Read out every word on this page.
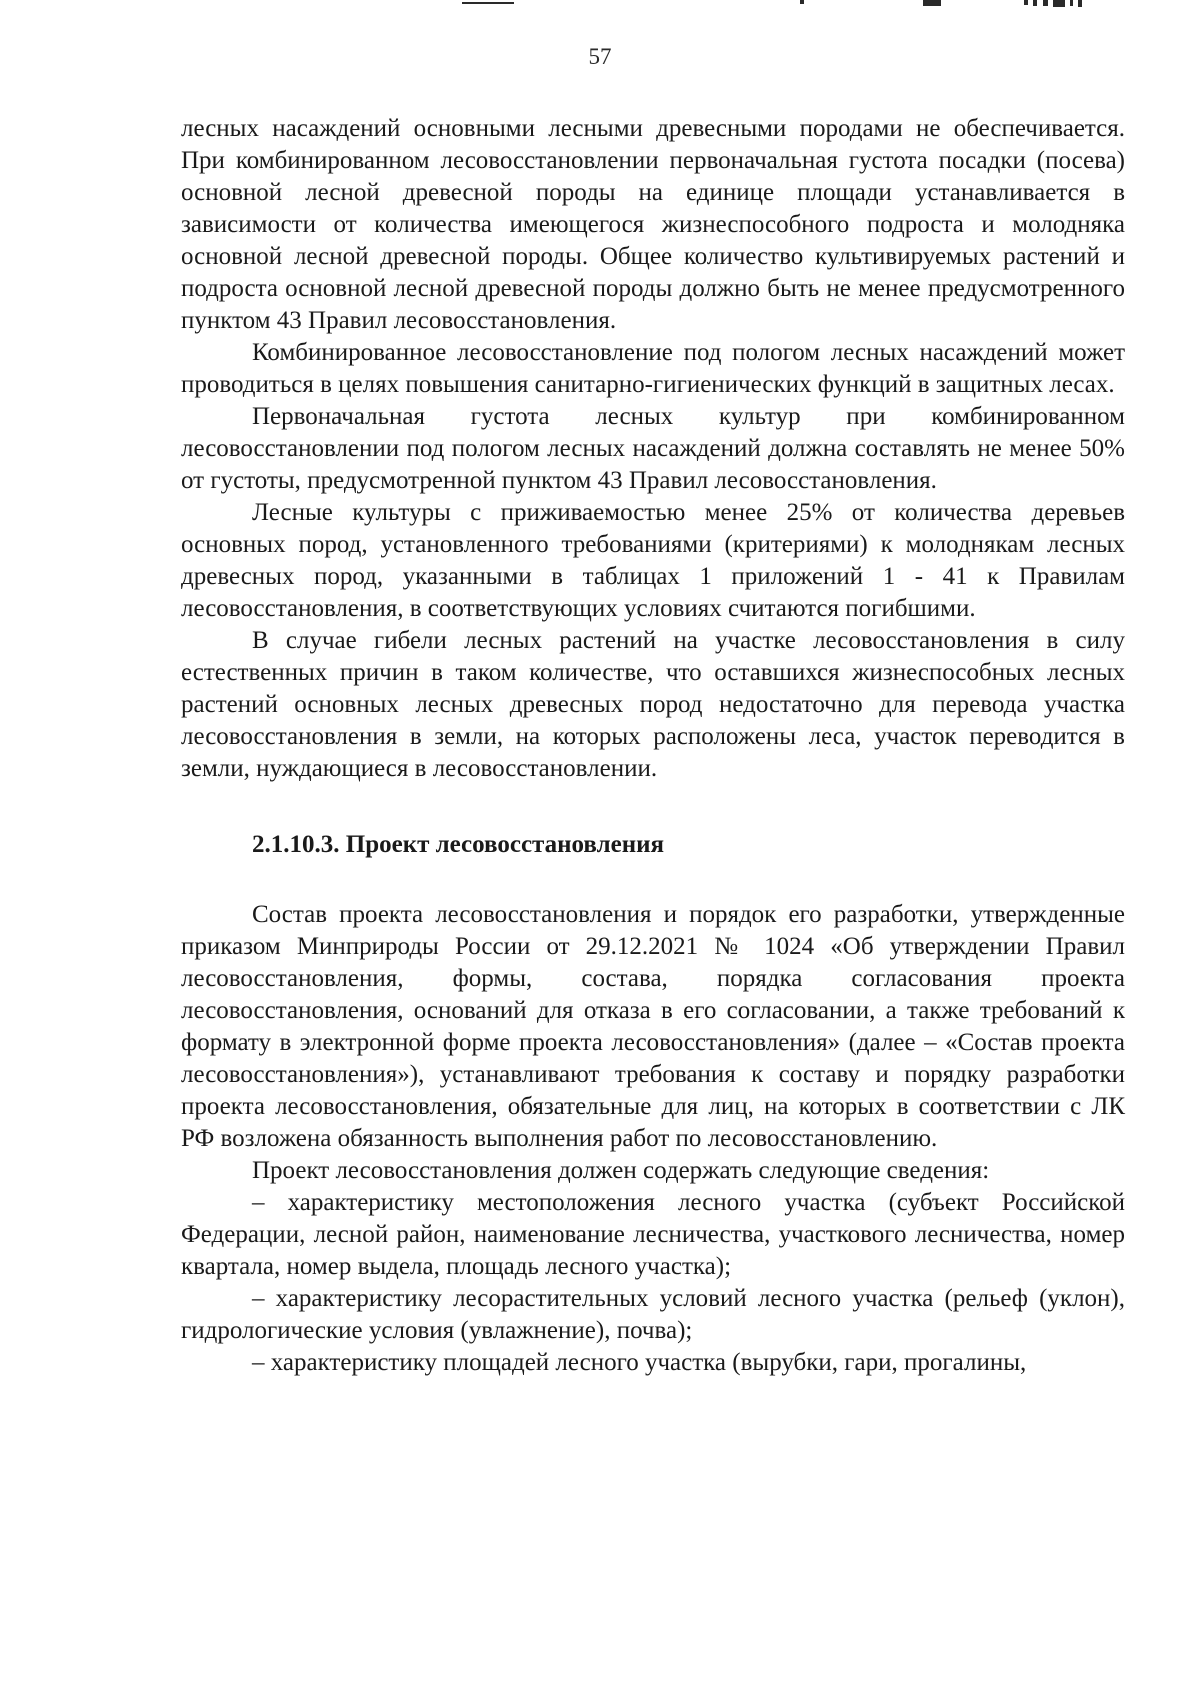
57

лесных насаждений основными лесными древесными породами не обеспечивается. При комбинированном лесовосстановлении первоначальная густота посадки (посева) основной лесной древесной породы на единице площади устанавливается в зависимости от количества имеющегося жизнеспособного подроста и молодняка основной лесной древесной породы. Общее количество культивируемых растений и подроста основной лесной древесной породы должно быть не менее предусмотренного пунктом 43 Правил лесовосстановления.

Комбинированное лесовосстановление под пологом лесных насаждений может проводиться в целях повышения санитарно-гигиенических функций в защитных лесах.

Первоначальная густота лесных культур при комбинированном лесовосстановлении под пологом лесных насаждений должна составлять не менее 50% от густоты, предусмотренной пунктом 43 Правил лесовосстановления.

Лесные культуры с приживаемостью менее 25% от количества деревьев основных пород, установленного требованиями (критериями) к молоднякам лесных древесных пород, указанными в таблицах 1 приложений 1 - 41 к Правилам лесовосстановления, в соответствующих условиях считаются погибшими.

В случае гибели лесных растений на участке лесовосстановления в силу естественных причин в таком количестве, что оставшихся жизнеспособных лесных растений основных лесных древесных пород недостаточно для перевода участка лесовосстановления в земли, на которых расположены леса, участок переводится в земли, нуждающиеся в лесовосстановлении.

2.1.10.3. Проект лесовосстановления

Состав проекта лесовосстановления и порядок его разработки, утвержденные приказом Минприроды России от 29.12.2021 № 1024 «Об утверждении Правил лесовосстановления, формы, состава, порядка согласования проекта лесовосстановления, оснований для отказа в его согласовании, а также требований к формату в электронной форме проекта лесовосстановления» (далее – «Состав проекта лесовосстановления»), устанавливают требования к составу и порядку разработки проекта лесовосстановления, обязательные для лиц, на которых в соответствии с ЛК РФ возложена обязанность выполнения работ по лесовосстановлению.

Проект лесовосстановления должен содержать следующие сведения:

– характеристику местоположения лесного участка (субъект Российской Федерации, лесной район, наименование лесничества, участкового лесничества, номер квартала, номер выдела, площадь лесного участка);

– характеристику лесорастительных условий лесного участка (рельеф (уклон), гидрологические условия (увлажнение), почва);

– характеристику площадей лесного участка (вырубки, гари, прогалины,
